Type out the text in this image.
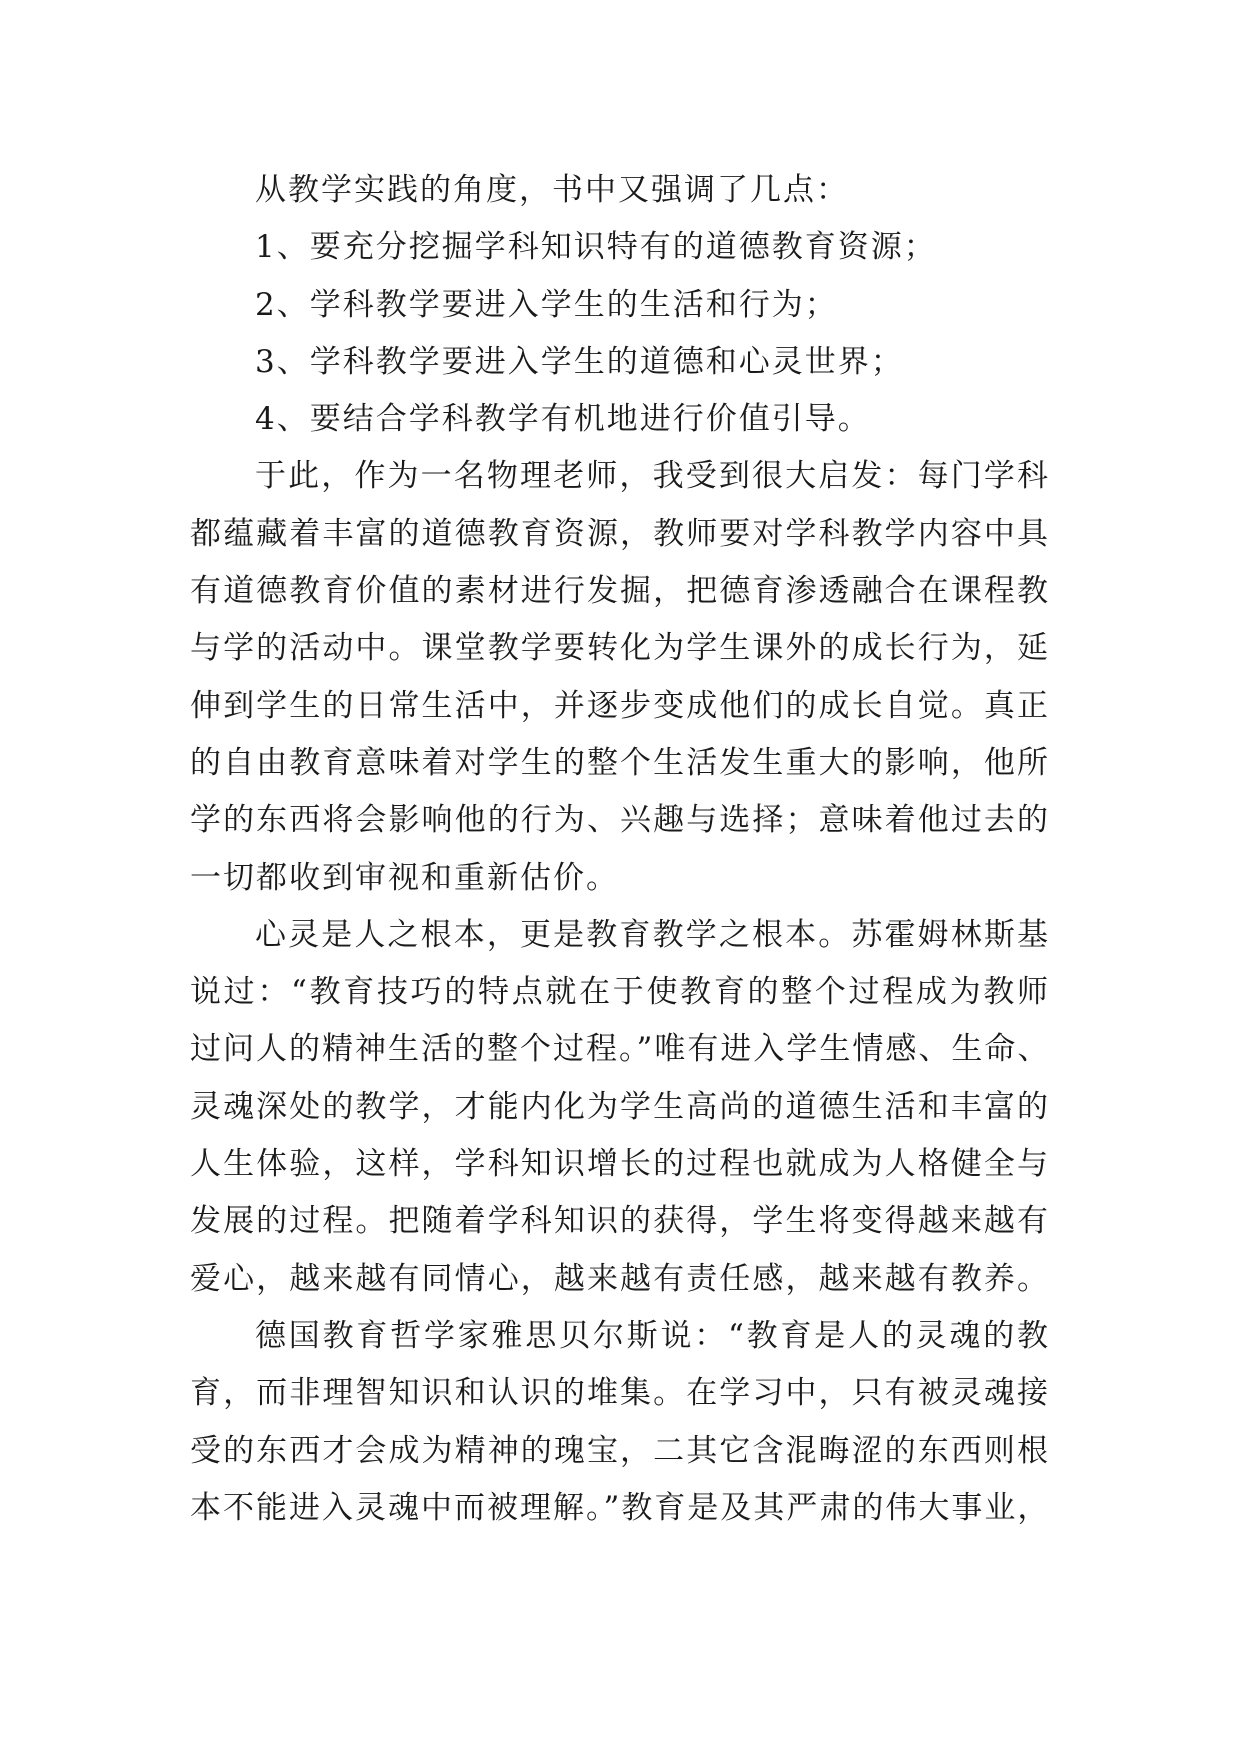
从教学实践的角度，书中又强调了几点：

1、要充分挖掘学科知识特有的道德教育资源；

2、学科教学要进入学生的生活和行为；

3、学科教学要进入学生的道德和心灵世界；

4、要结合学科教学有机地进行价值引导。

于此，作为一名物理老师，我受到很大启发：每门学科
都蕴藏着丰富的道德教育资源，教师要对学科教学内容中具
有道德教育价值的素材进行发掘，把德育渗透融合在课程教
与学的活动中。课堂教学要转化为学生课外的成长行为，延
伸到学生的日常生活中，并逐步变成他们的成长自觉。真正
的自由教育意味着对学生的整个生活发生重大的影响，他所
学的东西将会影响他的行为、兴趣与选择；意味着他过去的
一切都收到审视和重新估价。

心灵是人之根本，更是教育教学之根本。苏霍姆林斯基
说过：“教育技巧的特点就在于使教育的整个过程成为教师
过问人的精神生活的整个过程。”唯有进入学生情感、生命、
灵魂深处的教学，才能内化为学生高尚的道德生活和丰富的
人生体验，这样，学科知识增长的过程也就成为人格健全与
发展的过程。把随着学科知识的获得，学生将变得越来越有
爱心，越来越有同情心，越来越有责任感，越来越有教养。

德国教育哲学家雅思贝尔斯说：“教育是人的灵魂的教
育，而非理智知识和认识的堆集。在学习中，只有被灵魂接
受的东西才会成为精神的瑰宝，二其它含混晦涩的东西则根
本不能进入灵魂中而被理解。”教育是及其严肃的伟大事业，
